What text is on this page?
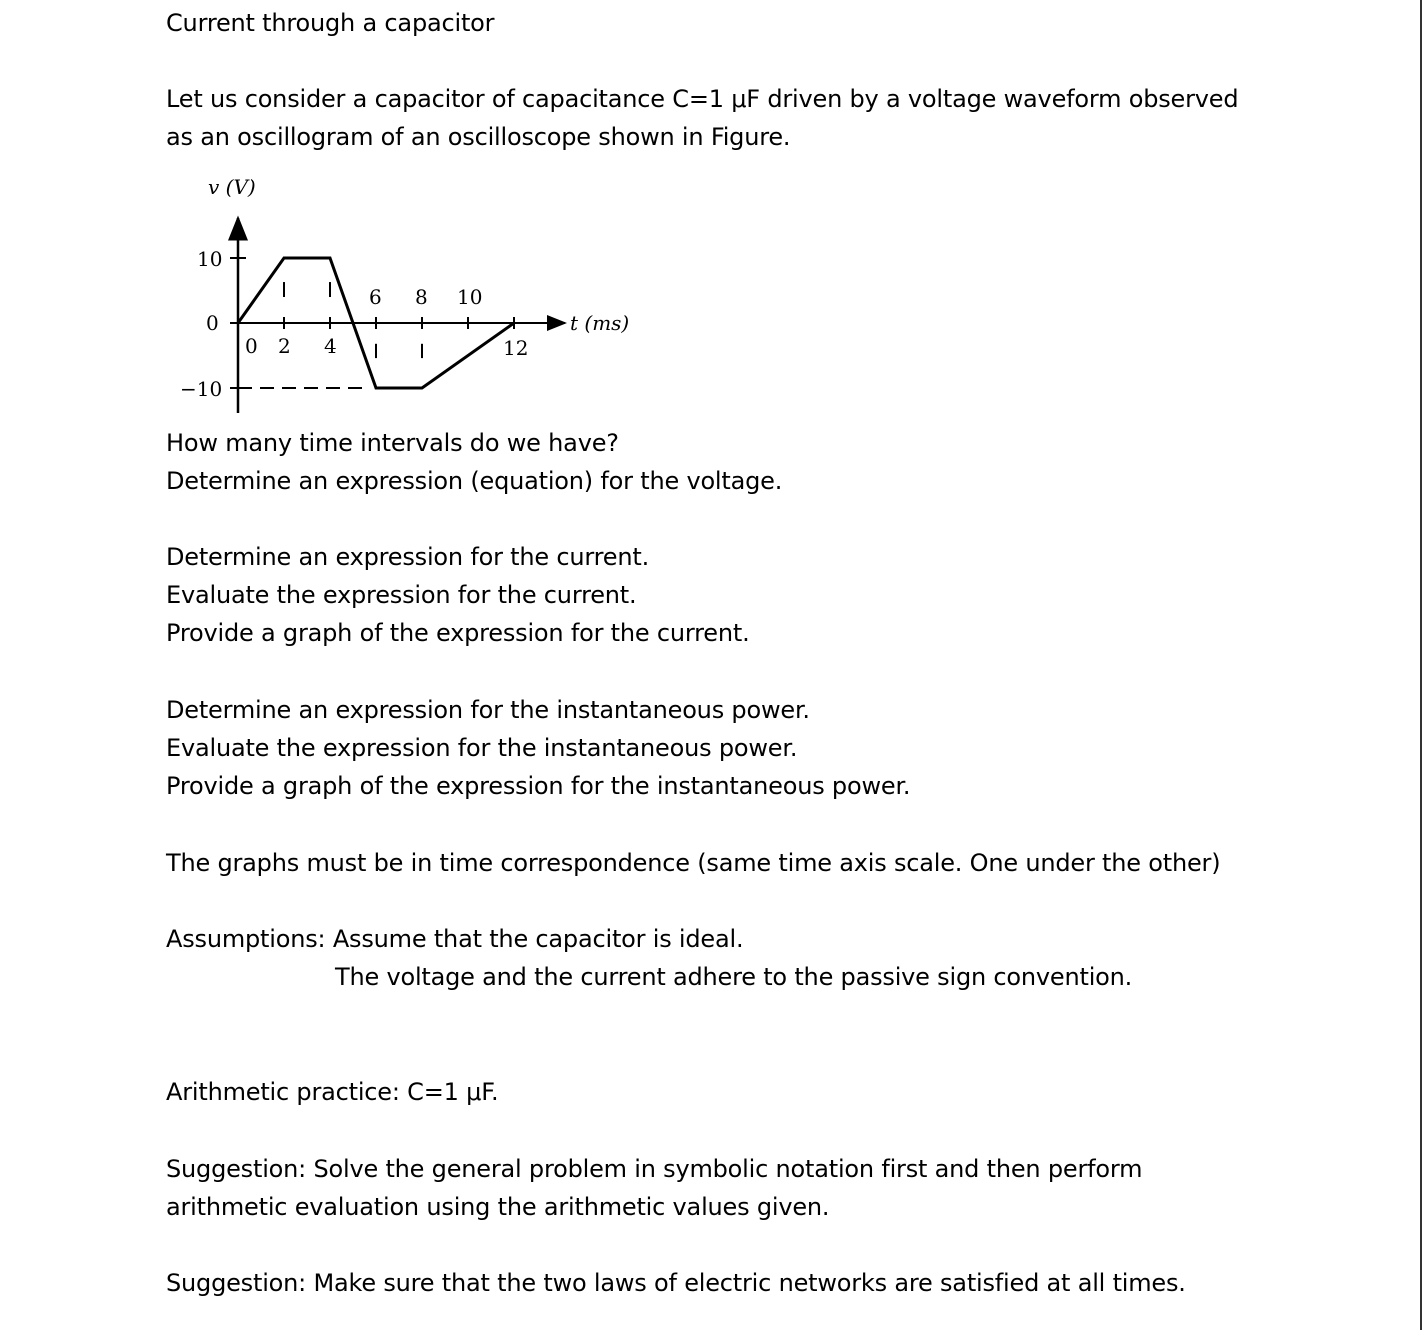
Current through a capacitor
Let us consider a capacitor of capacitance C=1 μF driven by a voltage waveform observed
as an oscillogram of an oscilloscope shown in Figure.
v (V)
t (ms)
10
0
−10
0 2 4	12
6 8 10
How many time intervals do we have?
Determine an expression (equation) for the voltage.
Determine an expression for the current.
Evaluate the expression for the current.
Provide a graph of the expression for the current.
Determine an expression for the instantaneous power.
Evaluate the expression for the instantaneous power.
Provide a graph of the expression for the instantaneous power.
The graphs must be in time correspondence (same time axis scale. One under the other)
Assumptions: Assume that the capacitor is ideal.
The voltage and the current adhere to the passive sign convention.
Arithmetic practice: C=1 μF.
Suggestion: Solve the general problem in symbolic notation first and then perform
arithmetic evaluation using the arithmetic values given.
Suggestion: Make sure that the two laws of electric networks are satisfied at all times.
